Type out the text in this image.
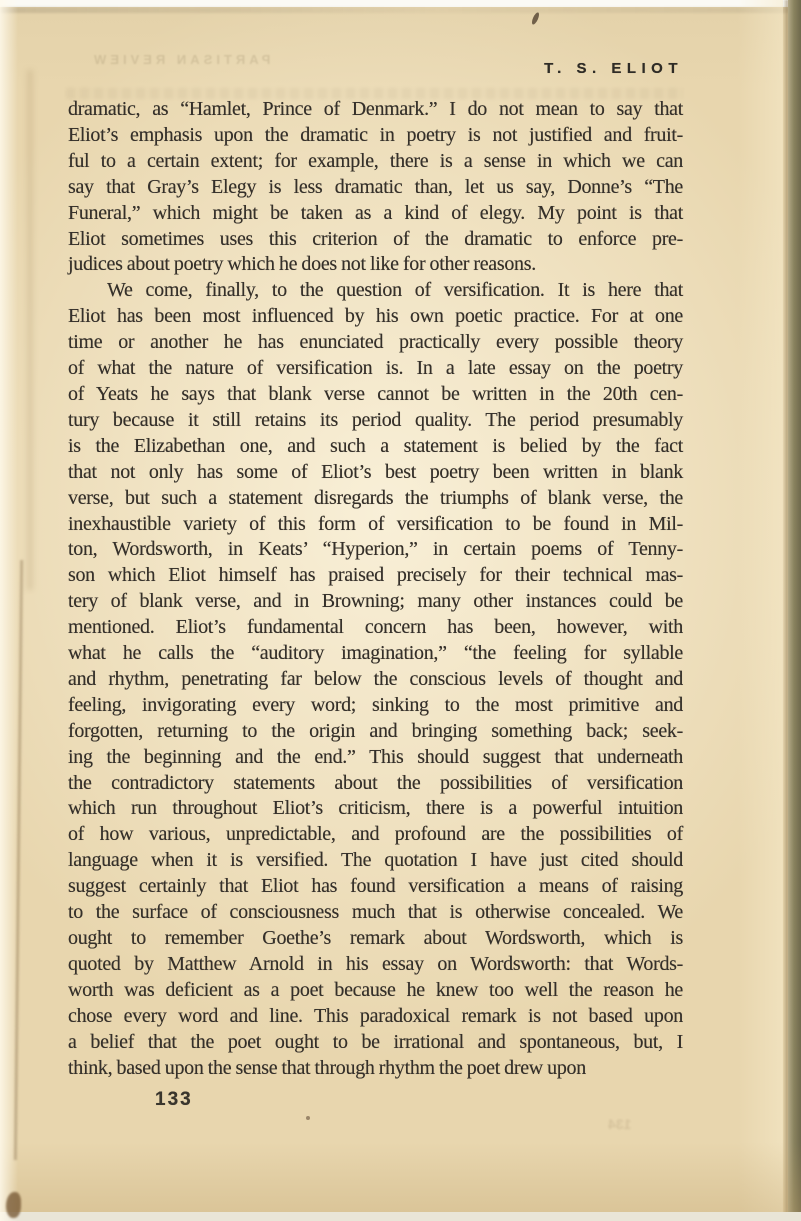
PARTISAN REVIEW
134
T. S. ELIOT
dramatic, as “Hamlet, Prince of Denmark.” I do not mean to say that
Eliot’s emphasis upon the dramatic in poetry is not justified and fruit-
ful to a certain extent; for example, there is a sense in which we can
say that Gray’s Elegy is less dramatic than, let us say, Donne’s “The
Funeral,” which might be taken as a kind of elegy. My point is that
Eliot sometimes uses this criterion of the dramatic to enforce pre-
judices about poetry which he does not like for other reasons.
We come, finally, to the question of versification. It is here that
Eliot has been most influenced by his own poetic practice. For at one
time or another he has enunciated practically every possible theory
of what the nature of versification is. In a late essay on the poetry
of Yeats he says that blank verse cannot be written in the 20th cen-
tury because it still retains its period quality. The period presumably
is the Elizabethan one, and such a statement is belied by the fact
that not only has some of Eliot’s best poetry been written in blank
verse, but such a statement disregards the triumphs of blank verse, the
inexhaustible variety of this form of versification to be found in Mil-
ton, Wordsworth, in Keats’ “Hyperion,” in certain poems of Tenny-
son which Eliot himself has praised precisely for their technical mas-
tery of blank verse, and in Browning; many other instances could be
mentioned. Eliot’s fundamental concern has been, however, with
what he calls the “auditory imagination,” “the feeling for syllable
and rhythm, penetrating far below the conscious levels of thought and
feeling, invigorating every word; sinking to the most primitive and
forgotten, returning to the origin and bringing something back; seek-
ing the beginning and the end.” This should suggest that underneath
the contradictory statements about the possibilities of versification
which run throughout Eliot’s criticism, there is a powerful intuition
of how various, unpredictable, and profound are the possibilities of
language when it is versified. The quotation I have just cited should
suggest certainly that Eliot has found versification a means of raising
to the surface of consciousness much that is otherwise concealed. We
ought to remember Goethe’s remark about Wordsworth, which is
quoted by Matthew Arnold in his essay on Wordsworth: that Words-
worth was deficient as a poet because he knew too well the reason he
chose every word and line. This paradoxical remark is not based upon
a belief that the poet ought to be irrational and spontaneous, but, I
think, based upon the sense that through rhythm the poet drew upon
133
